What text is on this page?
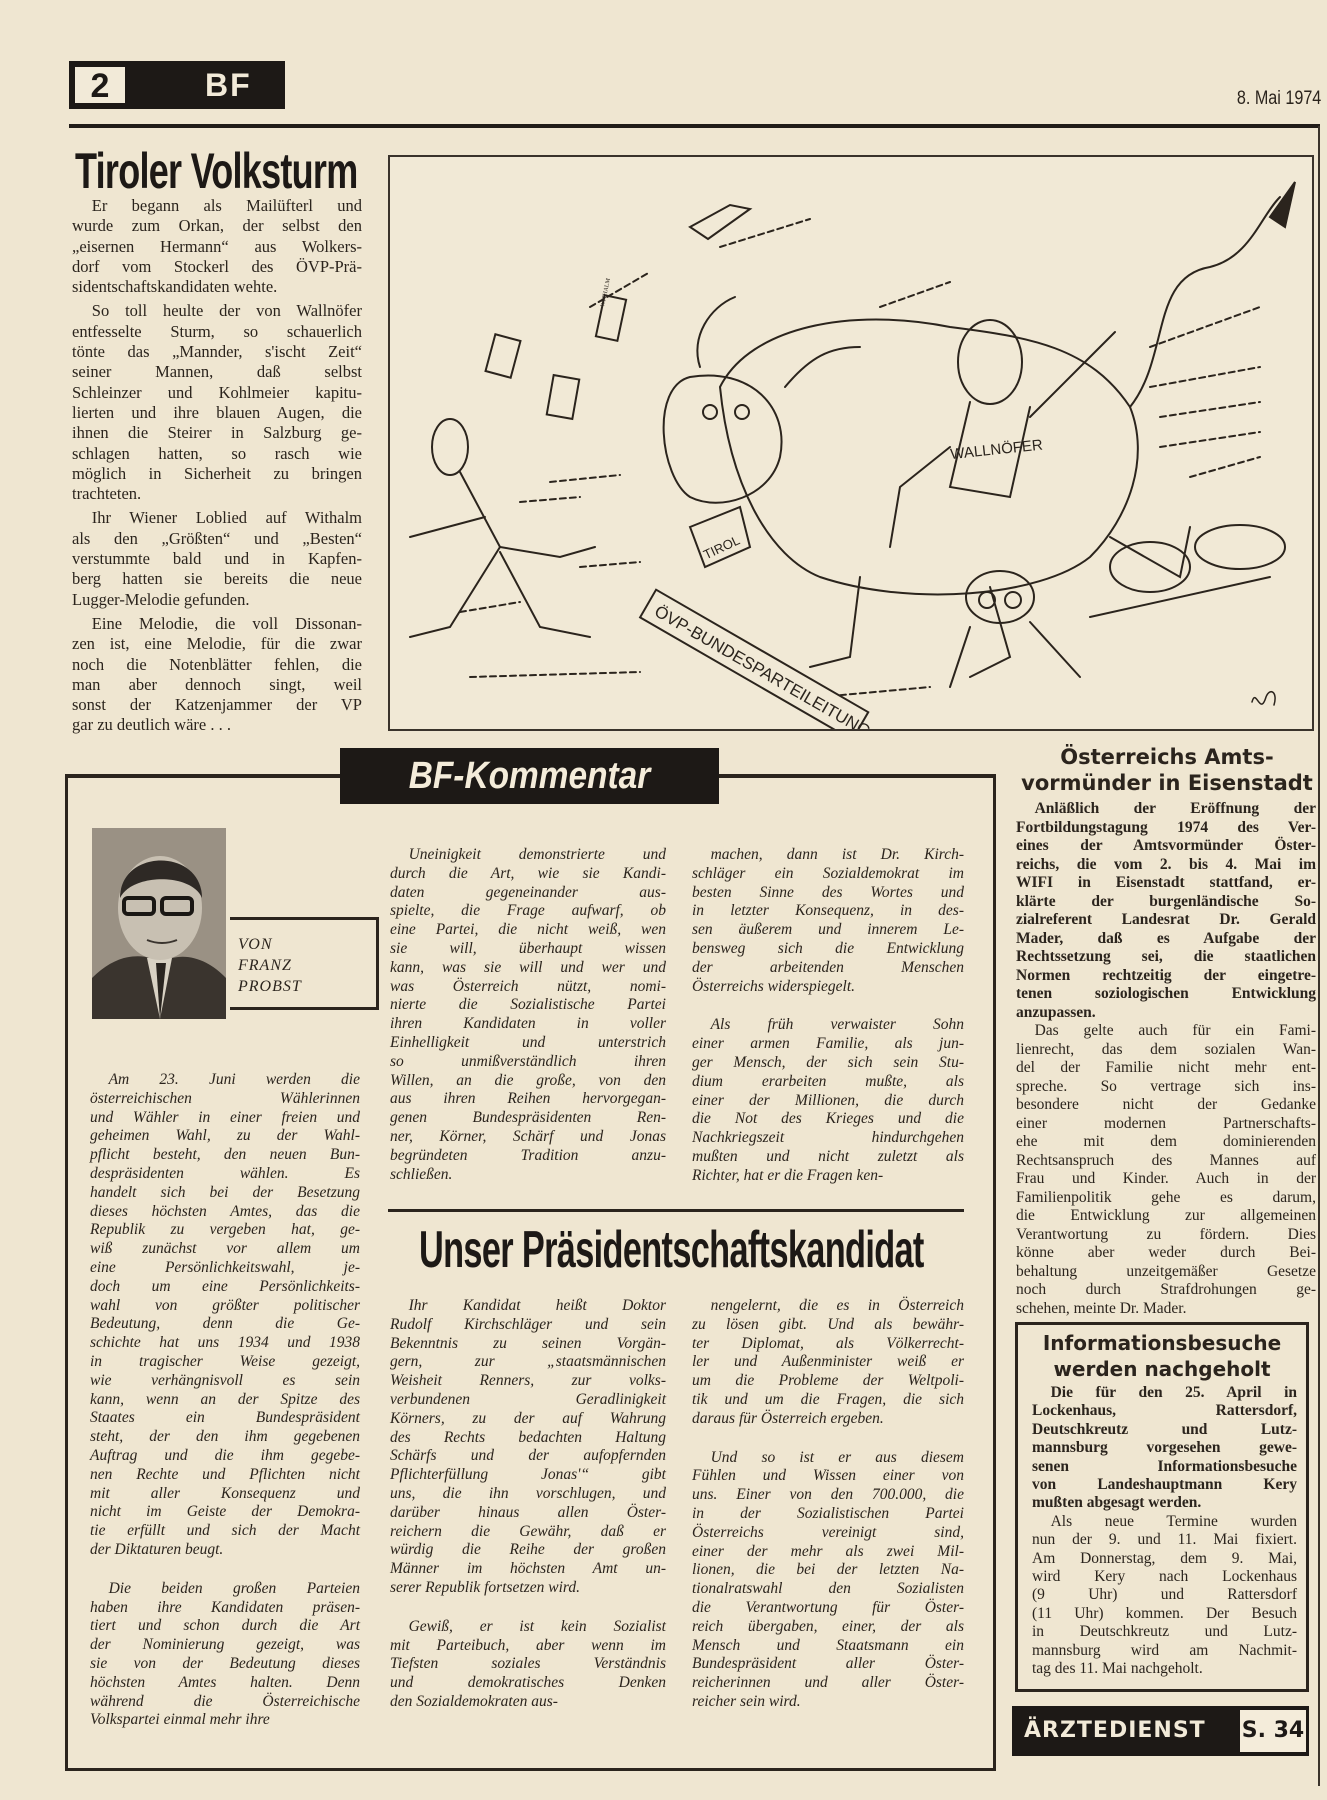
2	BF	8. Mai 1974
Tiroler Volksturm
Er begann als Mailüfterl und
wurde zum Orkan, der selbst den
„eisernen Hermann“ aus Wolkers-
dorf vom Stockerl des ÖVP-Prä-
sidentschaftskandidaten wehte.
So toll heulte der von Wallnöfer
entfesselte Sturm, so schauerlich
tönte das „Mannder, s'ischt Zeit“
seiner Mannen, daß selbst
Schleinzer und Kohlmeier kapitu-
lierten und ihre blauen Augen, die
ihnen die Steirer in Salzburg ge-
schlagen hatten, so rasch wie
möglich in Sicherheit zu bringen
trachteten.
Ihr Wiener Loblied auf Withalm
als den „Größten“ und „Besten“
verstummte bald und in Kapfen-
berg hatten sie bereits die neue
Lugger-Melodie gefunden.
Eine Melodie, die voll Dissonan-
zen ist, eine Melodie, für die zwar
noch die Notenblätter fehlen, die
man aber dennoch singt, weil
sonst der Katzenjammer der VP
gar zu deutlich wäre . . .
WITHALM
TIROL
WALLNÖFER
ÖVP-BUNDESPARTEILEITUNG
BF-Kommentar
VON
FRANZ
PROBST
Am 23. Juni werden die
österreichischen Wählerinnen
und Wähler in einer freien und
geheimen Wahl, zu der Wahl-
pflicht besteht, den neuen Bun-
despräsidenten wählen. Es
handelt sich bei der Besetzung
dieses höchsten Amtes, das die
Republik zu vergeben hat, ge-
wiß zunächst vor allem um
eine Persönlichkeitswahl, je-
doch um eine Persönlichkeits-
wahl von größter politischer
Bedeutung, denn die Ge-
schichte hat uns 1934 und 1938
in tragischer Weise gezeigt,
wie verhängnisvoll es sein
kann, wenn an der Spitze des
Staates ein Bundespräsident
steht, der den ihm gegebenen
Auftrag und die ihm gegebe-
nen Rechte und Pflichten nicht
mit aller Konsequenz und
nicht im Geiste der Demokra-
tie erfüllt und sich der Macht
der Diktaturen beugt.
Die beiden großen Parteien
haben ihre Kandidaten präsen-
tiert und schon durch die Art
der Nominierung gezeigt, was
sie von der Bedeutung dieses
höchsten Amtes halten. Denn
während die Österreichische
Volkspartei einmal mehr ihre
Uneinigkeit demonstrierte und
durch die Art, wie sie Kandi-
daten gegeneinander aus-
spielte, die Frage aufwarf, ob
eine Partei, die nicht weiß, wen
sie will, überhaupt wissen
kann, was sie will und wer und
was Österreich nützt, nomi-
nierte die Sozialistische Partei
ihren Kandidaten in voller
Einhelligkeit und unterstrich
so unmißverständlich ihren
Willen, an die große, von den
aus ihren Reihen hervorgegan-
genen Bundespräsidenten Ren-
ner, Körner, Schärf und Jonas
begründeten Tradition anzu-
schließen.
machen, dann ist Dr. Kirch-
schläger ein Sozialdemokrat im
besten Sinne des Wortes und
in letzter Konsequenz, in des-
sen äußerem und innerem Le-
bensweg sich die Entwicklung
der arbeitenden Menschen
Österreichs widerspiegelt.
Als früh verwaister Sohn
einer armen Familie, als jun-
ger Mensch, der sich sein Stu-
dium erarbeiten mußte, als
einer der Millionen, die durch
die Not des Krieges und die
Nachkriegszeit hindurchgehen
mußten und nicht zuletzt als
Richter, hat er die Fragen ken-
Unser Präsidentschaftskandidat
Ihr Kandidat heißt Doktor
Rudolf Kirchschläger und sein
Bekenntnis zu seinen Vorgän-
gern, zur „staatsmännischen
Weisheit Renners, zur volks-
verbundenen Geradlinigkeit
Körners, zu der auf Wahrung
des Rechts bedachten Haltung
Schärfs und der aufopfernden
Pflichterfüllung Jonas'“ gibt
uns, die ihn vorschlugen, und
darüber hinaus allen Öster-
reichern die Gewähr, daß er
würdig die Reihe der großen
Männer im höchsten Amt un-
serer Republik fortsetzen wird.
Gewiß, er ist kein Sozialist
mit Parteibuch, aber wenn im
Tiefsten soziales Verständnis
und demokratisches Denken
den Sozialdemokraten aus-
nengelernt, die es in Österreich
zu lösen gibt. Und als bewähr-
ter Diplomat, als Völkerrecht-
ler und Außenminister weiß er
um die Probleme der Weltpoli-
tik und um die Fragen, die sich
daraus für Österreich ergeben.
Und so ist er aus diesem
Fühlen und Wissen einer von
uns. Einer von den 700.000, die
in der Sozialistischen Partei
Österreichs vereinigt sind,
einer der mehr als zwei Mil-
lionen, die bei der letzten Na-
tionalratswahl den Sozialisten
die Verantwortung für Öster-
reich übergaben, einer, der als
Mensch und Staatsmann ein
Bundespräsident aller Öster-
reicherinnen und aller Öster-
reicher sein wird.
Österreichs Amts-
vormünder in Eisenstadt
Anläßlich der Eröffnung der
Fortbildungstagung 1974 des Ver-
eines der Amtsvormünder Öster-
reichs, die vom 2. bis 4. Mai im
WIFI in Eisenstadt stattfand, er-
klärte der burgenländische So-
zialreferent Landesrat Dr. Gerald
Mader, daß es Aufgabe der
Rechtssetzung sei, die staatlichen
Normen rechtzeitig der eingetre-
tenen soziologischen Entwicklung
anzupassen.
Das gelte auch für ein Fami-
lienrecht, das dem sozialen Wan-
del der Familie nicht mehr ent-
spreche. So vertrage sich ins-
besondere nicht der Gedanke
einer modernen Partnerschafts-
ehe mit dem dominierenden
Rechtsanspruch des Mannes auf
Frau und Kinder. Auch in der
Familienpolitik gehe es darum,
die Entwicklung zur allgemeinen
Verantwortung zu fördern. Dies
könne aber weder durch Bei-
behaltung unzeitgemäßer Gesetze
noch durch Strafdrohungen ge-
schehen, meinte Dr. Mader.
Informationsbesuche
werden nachgeholt
Die für den 25. April in
Lockenhaus, Rattersdorf,
Deutschkreutz und Lutz-
mannsburg vorgesehen gewe-
senen Informationsbesuche
von Landeshauptmann Kery
mußten abgesagt werden.
Als neue Termine wurden
nun der 9. und 11. Mai fixiert.
Am Donnerstag, dem 9. Mai,
wird Kery nach Lockenhaus
(9 Uhr) und Rattersdorf
(11 Uhr) kommen. Der Besuch
in Deutschkreutz und Lutz-
mannsburg wird am Nachmit-
tag des 11. Mai nachgeholt.
ÄRZTEDIENST S. 34
